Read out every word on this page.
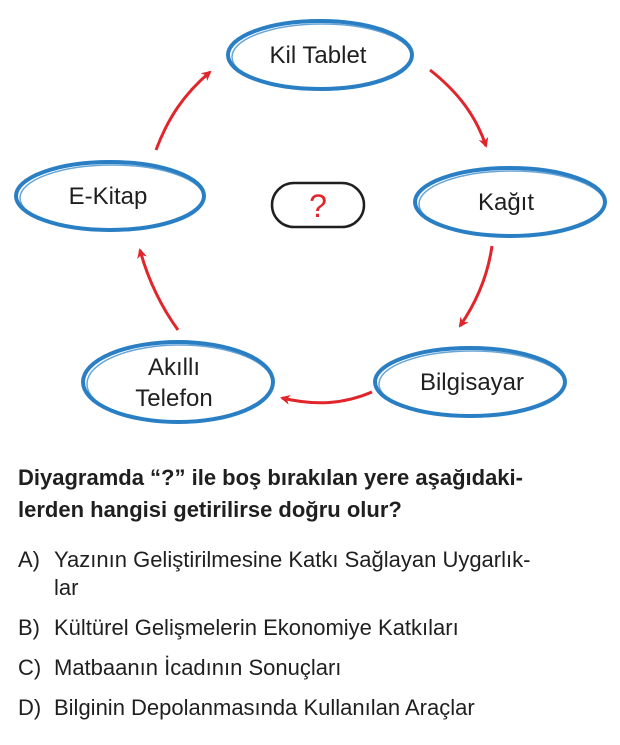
Kil Tablet
Kağıt
Bilgisayar
Akıllı
Telefon
E-Kitap	?

Diyagramda “?” ile boş bırakılan yere aşağıdaki-
lerden hangisi getirilirse doğru olur?

A) Yazının Geliştirilmesine Katkı Sağlayan Uygarlık-
lar
B) Kültürel Gelişmelerin Ekonomiye Katkıları
C) Matbaanın İcadının Sonuçları
D) Bilginin Depolanmasında Kullanılan Araçlar
